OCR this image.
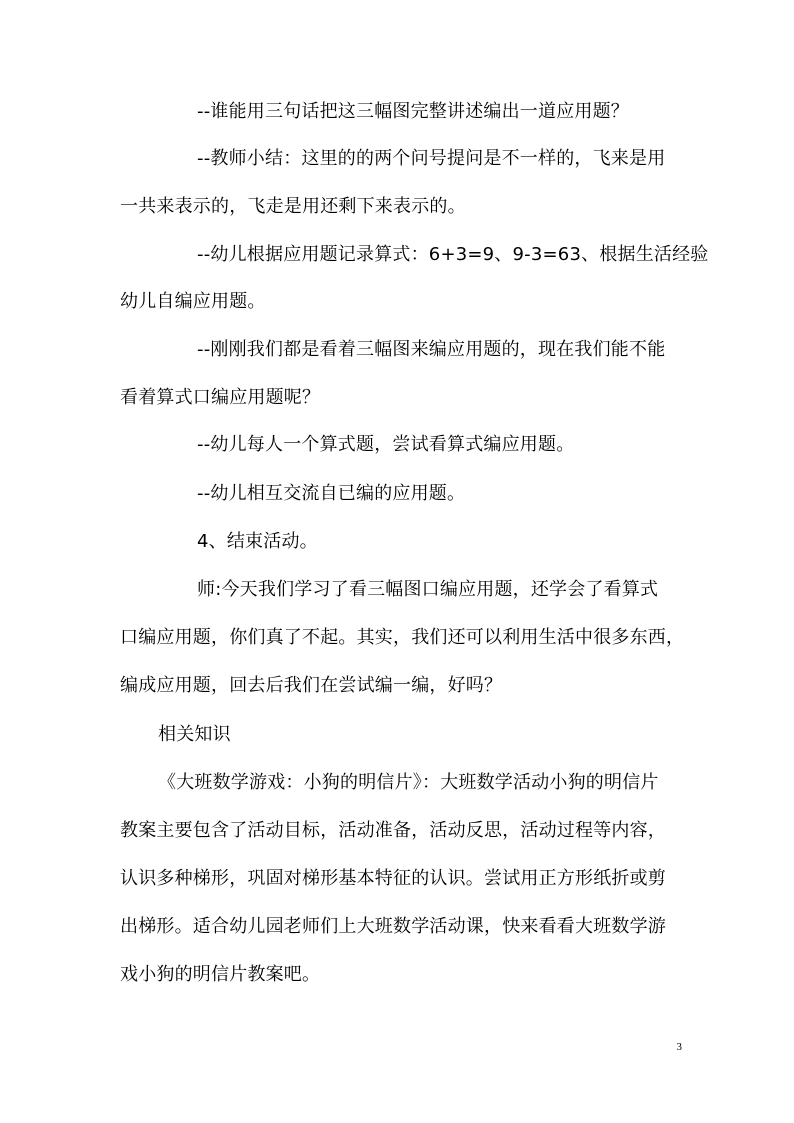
--谁能用三句话把这三幅图完整讲述编出一道应用题？
--教师小结：这里的的两个问号提问是不一样的，飞来是用
一共来表示的，飞走是用还剩下来表示的。
--幼儿根据应用题记录算式：6+3=9、9-3=63、根据生活经验
幼儿自编应用题。
--刚刚我们都是看着三幅图来编应用题的，现在我们能不能
看着算式口编应用题呢？
--幼儿每人一个算式题，尝试看算式编应用题。
--幼儿相互交流自已编的应用题。
4、结束活动。
师:今天我们学习了看三幅图口编应用题，还学会了看算式
口编应用题，你们真了不起。其实，我们还可以利用生活中很多东西，
编成应用题，回去后我们在尝试编一编，好吗？
相关知识
《大班数学游戏：小狗的明信片》：大班数学活动小狗的明信片
教案主要包含了活动目标，活动准备，活动反思，活动过程等内容，
认识多种梯形，巩固对梯形基本特征的认识。尝试用正方形纸折或剪
出梯形。适合幼儿园老师们上大班数学活动课，快来看看大班数学游
戏小狗的明信片教案吧。
3
